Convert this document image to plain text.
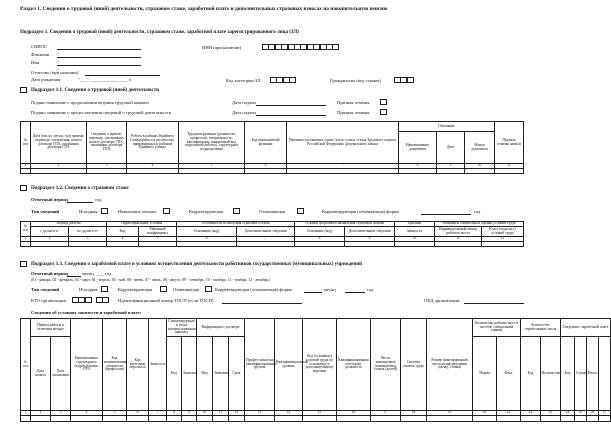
Раздел 1. Сведения о трудовой (иной) деятельности, страховом стаже, заработной плате и дополнительных страховых взносах на накопительную пенсию
Подраздел 1. Сведения о трудовой (иной) деятельности, страховом стаже, заработной плате зарегистрированного лица (ЗЛ)
СНИЛС
Фамилия
Имя
Отчество (при наличии)
Дата рождения	"___" ____________ ____ г.
ИНН (при наличии)
Код категории ЗЛ	Гражданство (код страны)
Подраздел 1.1. Сведения о трудовой (иной) деятельности
Подано заявление о продолжении ведения трудовой книжки
Подано заявление о предоставлении сведений о трудовой деятельности
Дата подачи
Дата подачи
Признак отмены
Признак отмены
№ п/п	Дата (число, месяц, год) приема, перевода, увольнения, начала договора ГПХ, окончания договора ГПХ	Сведения о приеме, переводе, увольнении, начале договора ГПХ, окончании договора ГПХ	Работа в районах Крайнего Севера/работа в местностях, приравненных к районам Крайнего Севера	Трудовая функция (должность, профессия, специальность, квалификация, конкретный вид поручаемой работы), структурное подразделение	Код выполняемой функции	Причины увольнения, пункт, часть статьи, статья Трудового кодекса Российской Федерации, федерального закона	Основание			Признак отмены записи
							Наименование документа	Дата	Номер документа	
1	2	3	4	5	6	7	8	9	10	11

Подраздел 1.2. Сведения о страховом стаже
Отчетный период	год
Тип сведений	Исходная	Назначение пенсии	Корректирующая	Отменяющая	Корректирующая (отменяющая) форма	год
№ п/п	Период работы		Территориальные условия		Особенности исчисления страхового стажа		Условия досрочного назначения страховой пенсии		Признак	Реквизиты специальной оценки условий труда	
	с дд.мм.гггг	по дд.мм.гггг	Код	Районный коэффициент	Основание (код)	Дополнительные сведения	Основание (код)	Дополнительные сведения	Занятость	Индивидуальный номер рабочего места	Класс (подкласс) условий труда
1	2	3	4	5	6	7	8	9	10	11	12

Подраздел 1.3. Сведения о заработной плате и условиях осуществления деятельности работников государственных (муниципальных) учреждений
Отчетный период	месяц ____ год
(01 - январь, 02 - февраль, 03 - март, 04 - апрель, 05 - май, 06 - июнь, 07 - июль, 08 - август, 09 - сентябрь, 10 - октябрь, 11 - ноябрь, 12 - декабрь)
Тип сведений	Исходная	Корректирующая	Отменяющая	Корректирующая (отменяющая) форма	месяц	год
КТО организации	.	Идентификационный номер ТОСП (если ТОСП)	ОКД организации
Сведения об условиях занятости и заработной плате:
№ п/п	Период работы в отчетном месяце		Наименование структурного подразделения, ОТО	Код наименования должности (профессии)	Код категории персонала	Занятость	Стимулирующая и (или) компенсационная выплата		Информация о договоре			Профессионально-квалификационные группы	Квалификационный уровень	Код (основных) условий труда по основному и дополнительному перечню	Квалификационная категория, должность	Число замещаемых (занимаемых) ставок (долей)	Система оплаты труда	Размер фиксированной части вознаграждения (оклад, ставка)	Количество рабочих мест в системе специальной оценки		Количество отработанных часов		Сведения о заработной плате			
	Дата начала	Дата окончания					Код	Значение	Вид	Значение	Срок								Норма	Факт	Код	Количество	Код	Сумма	Итого	
1	2	3	4	5	6	7	8	9	10	11	12	13	14	15	16	17	18	19	20	21	22	23	24	25	26	27
